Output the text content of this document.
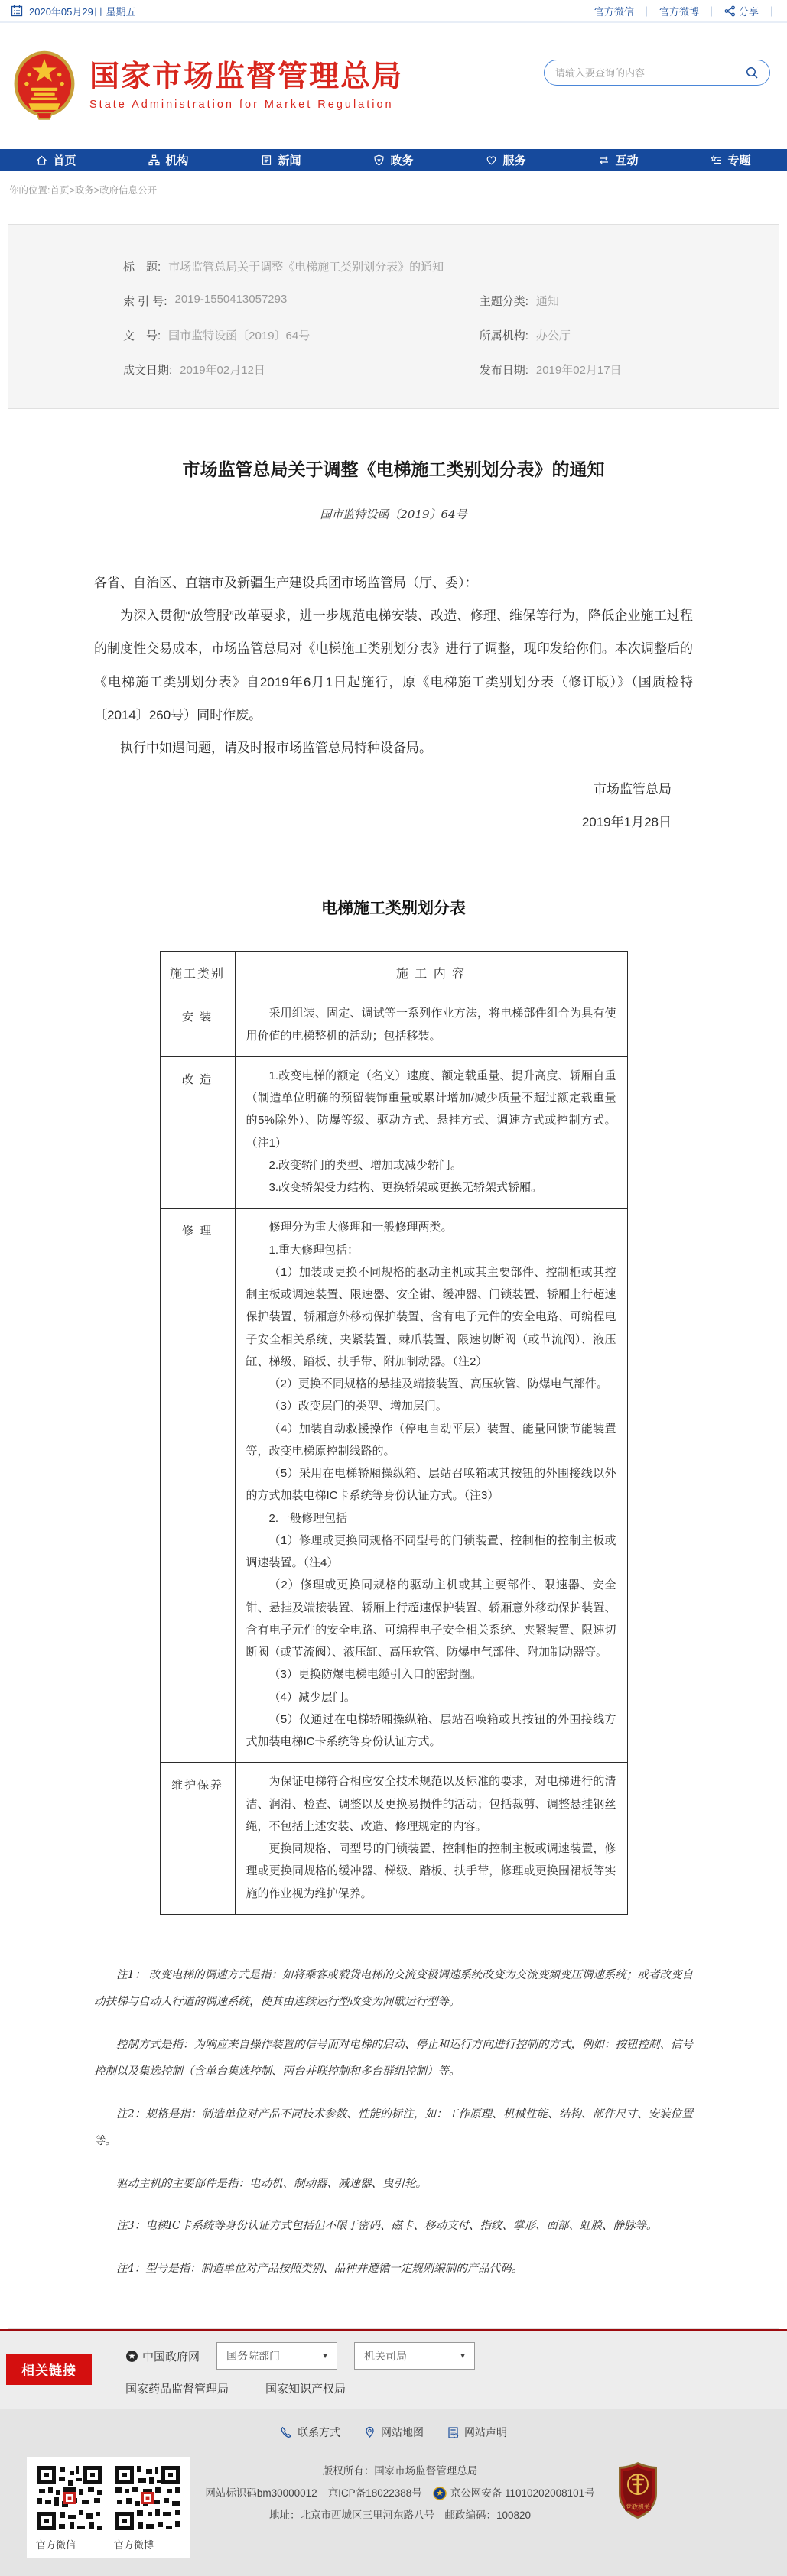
2020年05月29日 星期五	官方微信 ｜ 官方微博 ｜ 分享 ｜
国家市场监督管理总局
State Administration for Market Regulation
请输入要查询的内容
首页	机构	新闻	政务	服务	互动	专题
你的位置:首页>政务>政府信息公开
标　题: 市场监管总局关于调整《电梯施工类别划分表》的通知
索 引 号: 2019-1550413057293	主题分类: 通知
文　号: 国市监特设函〔2019〕64号	所属机构: 办公厅
成文日期: 2019年02月12日	发布日期: 2019年02月17日
市场监管总局关于调整《电梯施工类别划分表》的通知
国市监特设函〔2019〕64号

各省、自治区、直辖市及新疆生产建设兵团市场监管局（厅、委）：

为深入贯彻“放管服”改革要求，进一步规范电梯安装、改造、修理、维保等行为，降低企业施工过程的制度性交易成本，市场监管总局对《电梯施工类别划分表》进行了调整，现印发给你们。本次调整后的《电梯施工类别划分表》自2019年6月1日起施行，原《电梯施工类别划分表（修订版）》（国质检特〔2014〕260号）同时作废。

执行中如遇问题，请及时报市场监管总局特种设备局。

市场监管总局

2019年1月28日

电梯施工类别划分表
施工类别	施 工 内 容
安 装	采用组装、固定、调试等一系列作业方法，将电梯部件组合为具有使用价值的电梯整机的活动；包括移装。

改 造	1.改变电梯的额定（名义）速度、额定载重量、提升高度、轿厢自重（制造单位明确的预留装饰重量或累计增加/减少质量不超过额定载重量的5%除外）、防爆等级、驱动方式、悬挂方式、调速方式或控制方式。（注1）

2.改变轿门的类型、增加或减少轿门。

3.改变轿架受力结构、更换轿架或更换无轿架式轿厢。

修 理	修理分为重大修理和一般修理两类。

1.重大修理包括：

（1）加装或更换不同规格的驱动主机或其主要部件、控制柜或其控制主板或调速装置、限速器、安全钳、缓冲器、门锁装置、轿厢上行超速保护装置、轿厢意外移动保护装置、含有电子元件的安全电路、可编程电子安全相关系统、夹紧装置、棘爪装置、限速切断阀（或节流阀）、液压缸、梯级、踏板、扶手带、附加制动器。（注2）

（2）更换不同规格的悬挂及端接装置、高压软管、防爆电气部件。

（3）改变层门的类型、增加层门。

（4）加装自动救援操作（停电自动平层）装置、能量回馈节能装置等，改变电梯原控制线路的。

（5）采用在电梯轿厢操纵箱、层站召唤箱或其按钮的外围接线以外的方式加装电梯IC卡系统等身份认证方式。（注3）

2.一般修理包括

（1）修理或更换同规格不同型号的门锁装置、控制柜的控制主板或调速装置。（注4）

（2）修理或更换同规格的驱动主机或其主要部件、限速器、安全钳、悬挂及端接装置、轿厢上行超速保护装置、轿厢意外移动保护装置、含有电子元件的安全电路、可编程电子安全相关系统、夹紧装置、限速切断阀（或节流阀）、液压缸、高压软管、防爆电气部件、附加制动器等。

（3）更换防爆电梯电缆引入口的密封圈。

（4）减少层门。

（5）仅通过在电梯轿厢操纵箱、层站召唤箱或其按钮的外围接线方式加装电梯IC卡系统等身份认证方式。

维护保养	为保证电梯符合相应安全技术规范以及标准的要求，对电梯进行的清洁、润滑、检查、调整以及更换易损件的活动；包括裁剪、调整悬挂钢丝绳，不包括上述安装、改造、修理规定的内容。

更换同规格、同型号的门锁装置、控制柜的控制主板或调速装置，修理或更换同规格的缓冲器、梯级、踏板、扶手带，修理或更换围裙板等实施的作业视为维护保养。

注1： 改变电梯的调速方式是指：如将乘客或载货电梯的交流变极调速系统改变为交流变频变压调速系统；或者改变自动扶梯与自动人行道的调速系统，使其由连续运行型改变为间歇运行型等。

控制方式是指：为响应来自操作装置的信号而对电梯的启动、停止和运行方向进行控制的方式，例如：按钮控制、信号控制以及集选控制（含单台集选控制、两台并联控制和多台群组控制）等。

注2：规格是指：制造单位对产品不同技术参数、性能的标注，如：工作原理、机械性能、结构、部件尺寸、安装位置等。

驱动主机的主要部件是指：电动机、制动器、减速器、曳引轮。

注3：电梯IC卡系统等身份认证方式包括但不限于密码、磁卡、移动支付、指纹、掌形、面部、虹膜、静脉等。

注4：型号是指：制造单位对产品按照类别、品种并遵循一定规则编制的产品代码。

相关链接
中国政府网	国务院部门	▼	机关司局	▼
国家药品监督管理局	国家知识产权局
联系方式	网站地图	网站声明
官方微信	官方微博
版权所有：国家市场监督管理总局
网站标识码bm30000012 京ICP备18022388号	京公网安备 11010202008101号
地址：北京市西城区三里河东路八号　邮政编码：100820
党政机关
